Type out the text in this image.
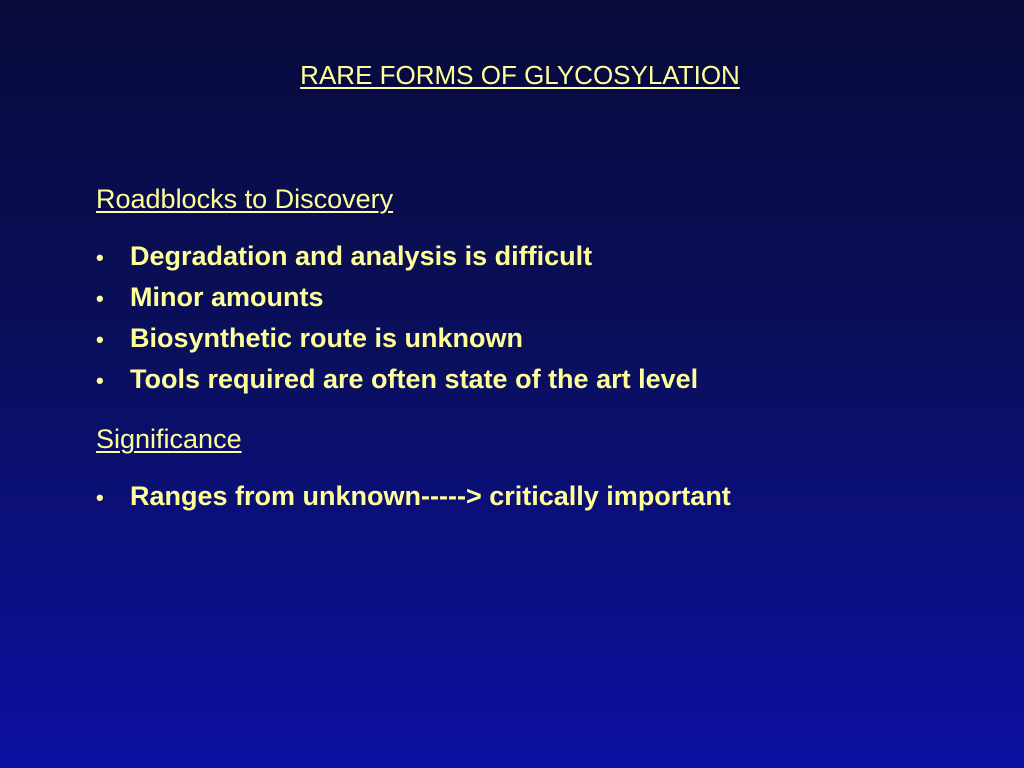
RARE FORMS OF GLYCOSYLATION
Roadblocks to Discovery
• Degradation and analysis is difficult
• Minor amounts
• Biosynthetic route is unknown
• Tools required are often state of the art level
Significance
• Ranges from unknown-----> critically important
